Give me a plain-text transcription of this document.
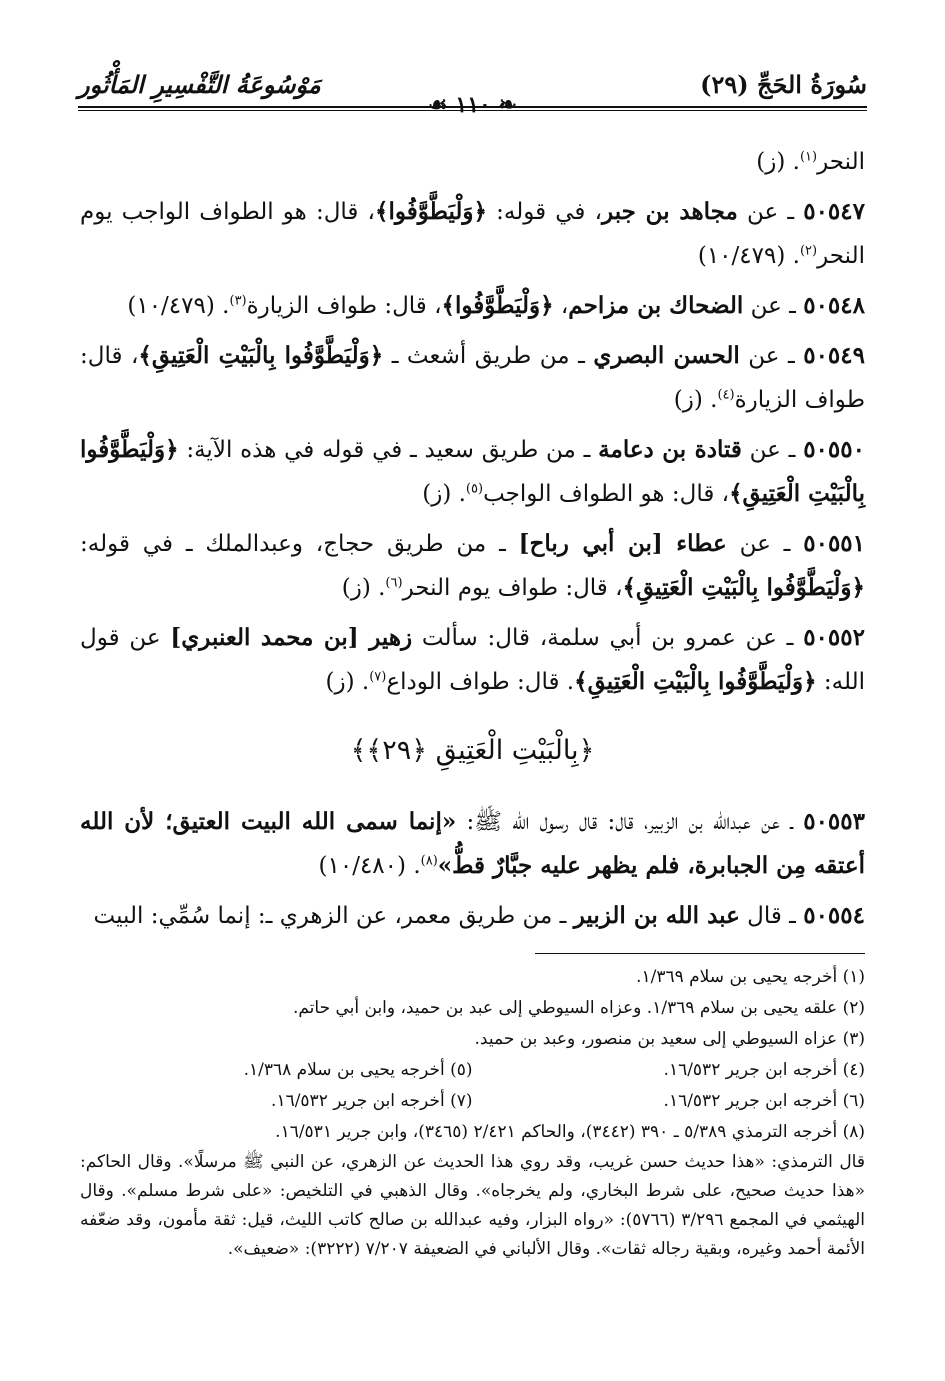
سُورَةُ الحَجِّ (٢٩)
مَوْسُوعَةُ التَّفْسِيرِ المَأْثُور
❧ ١١٠ ☙

النحر$^{(١)}$. (ز)

٥٠٥٤٧ ـ عن مجاهد بن جبر، في قوله: ﴿وَلْيَطَّوَّفُوا﴾، قال: هو الطواف الواجب يوم النحر$^{(٢)}$. (١٠/٤٧٩)

٥٠٥٤٨ ـ عن الضحاك بن مزاحم، ﴿وَلْيَطَّوَّفُوا﴾، قال: طواف الزيارة$^{(٣)}$. (١٠/٤٧٩)

٥٠٥٤٩ ـ عن الحسن البصري ـ من طريق أشعث ـ ﴿وَلْيَطَّوَّفُوا بِالْبَيْتِ الْعَتِيقِ﴾، قال: طواف الزيارة$^{(٤)}$. (ز)

٥٠٥٥٠ ـ عن قتادة بن دعامة ـ من طريق سعيد ـ في قوله في هذه الآية: ﴿وَلْيَطَّوَّفُوا بِالْبَيْتِ الْعَتِيقِ﴾، قال: هو الطواف الواجب$^{(٥)}$. (ز)

٥٠٥٥١ ـ عن عطاء [بن أبي رباح] ـ من طريق حجاج، وعبدالملك ـ في قوله: ﴿وَلْيَطَّوَّفُوا بِالْبَيْتِ الْعَتِيقِ﴾، قال: طواف يوم النحر$^{(٦)}$. (ز)

٥٠٥٥٢ ـ عن عمرو بن أبي سلمة، قال: سألت زهير [بن محمد العنبري] عن قول الله: ﴿وَلْيَطَّوَّفُوا بِالْبَيْتِ الْعَتِيقِ﴾. قال: طواف الوداع$^{(٧)}$. (ز)

﴿بِالْبَيْتِ الْعَتِيقِ ﴿٢٩﴾﴾

٥٠٥٥٣ ـ عن عبدالله بن الزبير، قال: قال رسول الله ﷺ: «إنما سمى الله البيت العتيق؛ لأن الله أعتقه مِن الجبابرة، فلم يظهر عليه جبَّارٌ قطُّ»$^{(٨)}$. (١٠/٤٨٠)

٥٠٥٥٤ ـ قال عبد الله بن الزبير ـ من طريق معمر، عن الزهري ـ: إنما سُمِّي: البيت

(١) أخرجه يحيى بن سلام ١/٣٦٩.

(٢) علقه يحيى بن سلام ١/٣٦٩. وعزاه السيوطي إلى عبد بن حميد، وابن أبي حاتم.

(٣) عزاه السيوطي إلى سعيد بن منصور، وعبد بن حميد.

(٤) أخرجه ابن جرير ١٦/٥٣٢.

(٥) أخرجه يحيى بن سلام ١/٣٦٨.

(٦) أخرجه ابن جرير ١٦/٥٣٢.

(٧) أخرجه ابن جرير ١٦/٥٣٢.

(٨) أخرجه الترمذي ٥/٣٨٩ ـ ٣٩٠ (٣٤٤٢)، والحاكم ٢/٤٢١ (٣٤٦٥)، وابن جرير ١٦/٥٣١.

قال الترمذي: «هذا حديث حسن غريب، وقد روي هذا الحديث عن الزهري، عن النبي ﷺ مرسلًا». وقال الحاكم: «هذا حديث صحيح، على شرط البخاري، ولم يخرجاه». وقال الذهبي في التلخيص: «على شرط مسلم». وقال الهيثمي في المجمع ٣/٢٩٦ (٥٧٦٦): «رواه البزار، وفيه عبدالله بن صالح كاتب الليث، قيل: ثقة مأمون، وقد ضعّفه الأئمة أحمد وغيره، وبقية رجاله ثقات». وقال الألباني في الضعيفة ٧/٢٠٧ (٣٢٢٢): «ضعيف».
